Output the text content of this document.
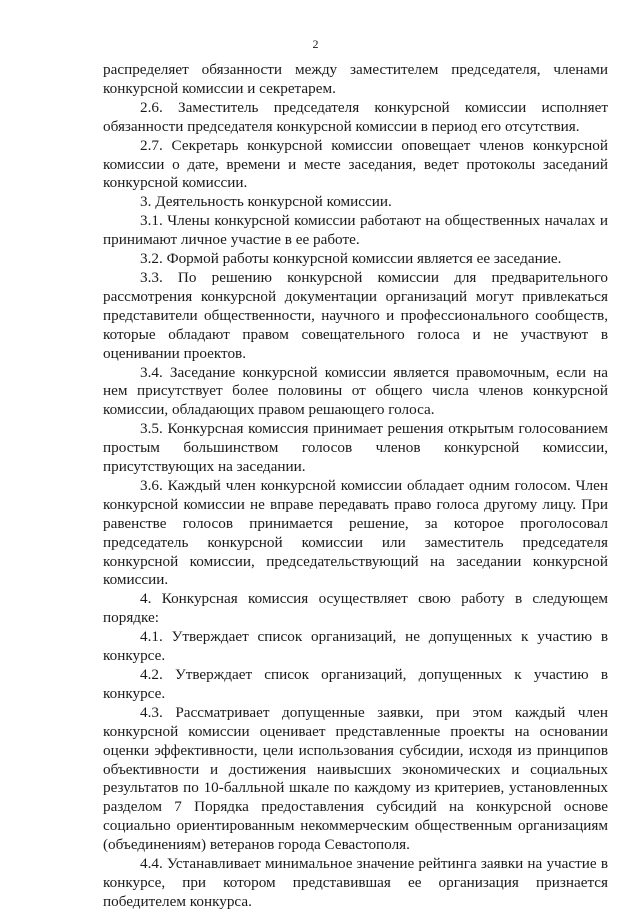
2

распределяет обязанности между заместителем председателя, членами конкурсной комиссии и секретарем.

2.6. Заместитель председателя конкурсной комиссии исполняет обязанности председателя конкурсной комиссии в период его отсутствия.

2.7. Секретарь конкурсной комиссии оповещает членов конкурсной комиссии о дате, времени и месте заседания, ведет протоколы заседаний конкурсной комиссии.

3. Деятельность конкурсной комиссии.

3.1. Члены конкурсной комиссии работают на общественных началах и принимают личное участие в ее работе.

3.2. Формой работы конкурсной комиссии является ее заседание.

3.3. По решению конкурсной комиссии для предварительного рассмотрения конкурсной документации организаций могут привлекаться представители общественности, научного и профессионального сообществ, которые обладают правом совещательного голоса и не участвуют в оценивании проектов.

3.4. Заседание конкурсной комиссии является правомочным, если на нем присутствует более половины от общего числа членов конкурсной комиссии, обладающих правом решающего голоса.

3.5. Конкурсная комиссия принимает решения открытым голосованием простым большинством голосов членов конкурсной комиссии, присутствующих на заседании.

3.6. Каждый член конкурсной комиссии обладает одним голосом. Член конкурсной комиссии не вправе передавать право голоса другому лицу. При равенстве голосов принимается решение, за которое проголосовал председатель конкурсной комиссии или заместитель председателя конкурсной комиссии, председательствующий на заседании конкурсной комиссии.

4. Конкурсная комиссия осуществляет свою работу в следующем порядке:

4.1. Утверждает список организаций, не допущенных к участию в конкурсе.

4.2. Утверждает список организаций, допущенных к участию в конкурсе.

4.3. Рассматривает допущенные заявки, при этом каждый член конкурсной комиссии оценивает представленные проекты на основании оценки эффективности, цели использования субсидии, исходя из принципов объективности и достижения наивысших экономических и социальных результатов по 10-балльной шкале по каждому из критериев, установленных разделом 7 Порядка предоставления субсидий на конкурсной основе социально ориентированным некоммерческим общественным организациям (объединениям) ветеранов города Севастополя.

4.4. Устанавливает минимальное значение рейтинга заявки на участие в конкурсе, при котором представившая ее организация признается победителем конкурса.
